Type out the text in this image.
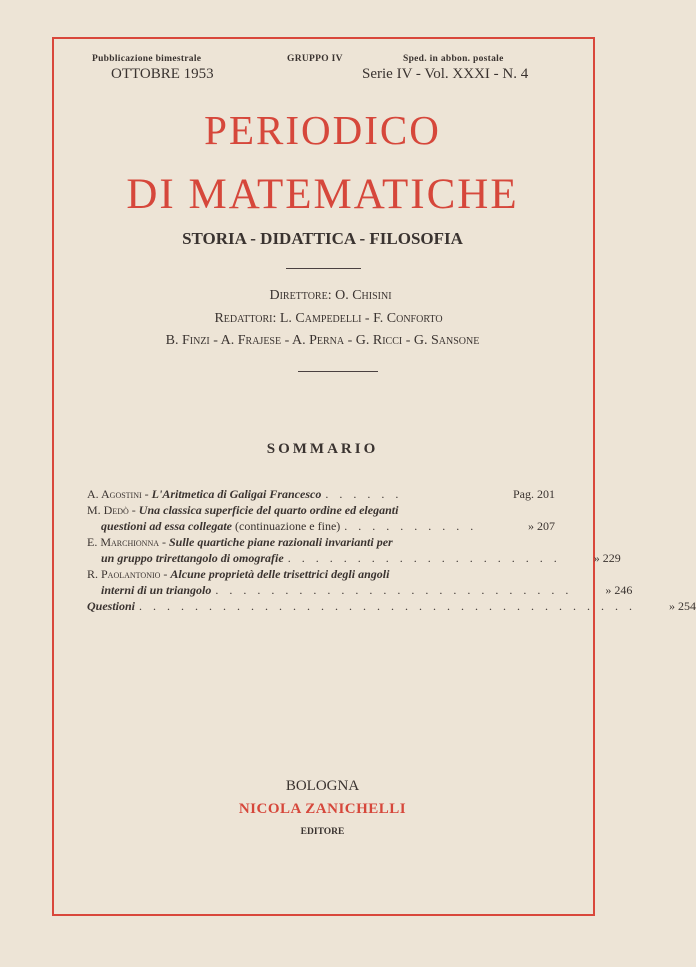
Pubblicazione bimestrale	GRUPPO IV	Sped. in abbon. postale
OTTOBRE 1953	Serie IV - Vol. XXXI - N. 4
PERIODICO
DI MATEMATICHE
STORIA - DIDATTICA - FILOSOFIA
Direttore: O. Chisini
Redattori: L. Campedelli - F. Conforto
B. Finzi - A. Frajese - A. Perna - G. Ricci - G. Sansone
SOMMARIO
A. Agostini - L'Aritmetica di Galigai Francesco . . . . . .	Pag. 201
M. Dedò - Una classica superficie del quarto ordine ed eleganti
questioni ad essa collegate (continuazione e fine) . . . . . . . . . .	» 207
E. Marchionna - Sulle quartiche piane razionali invarianti per
un gruppo trirettangolo di omografie . . . . . . . . . . . . . . . . . . . .	» 229
R. Paolantonio - Alcune proprietà delle trisettrici degli angoli
interni di un triangolo . . . . . . . . . . . . . . . . . . . . . . . . . .	» 246
Questioni . . . . . . . . . . . . . . . . . . . . . . . . . . . . . . . . . . . .	» 254
BOLOGNA
NICOLA ZANICHELLI
EDITORE
